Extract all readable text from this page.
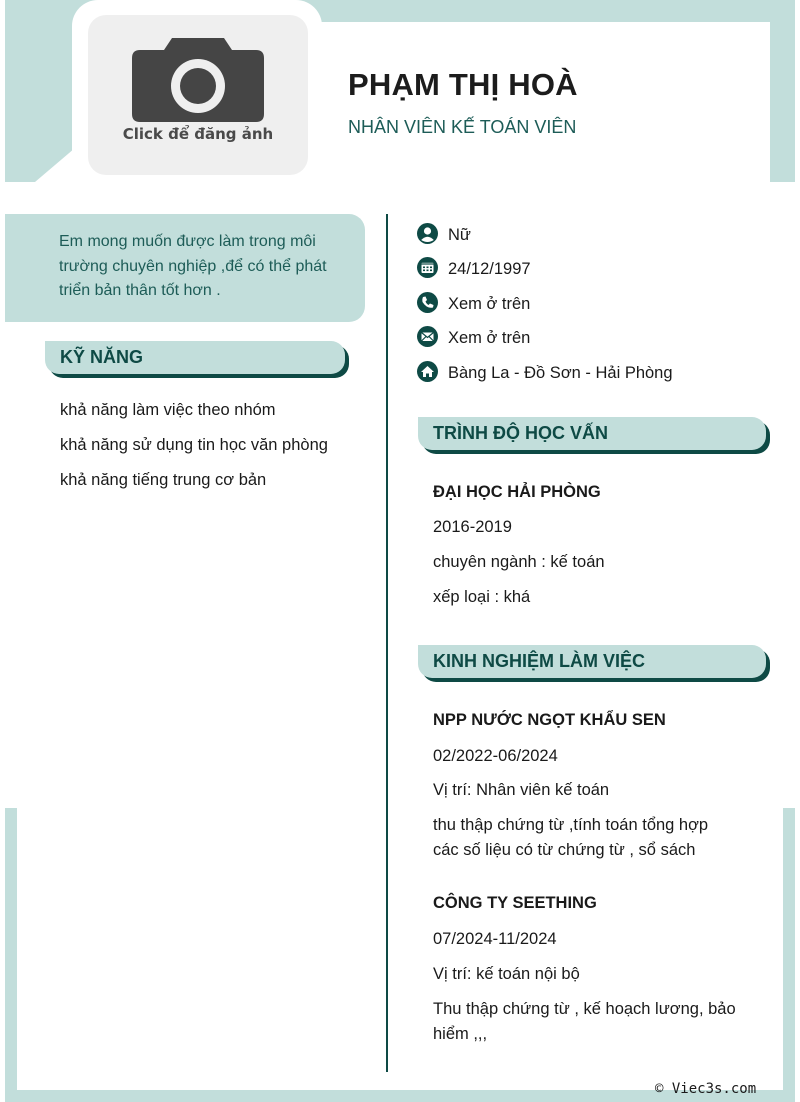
Click để đăng ảnh
PHẠM THỊ HOÀ
NHÂN VIÊN KẾ TOÁN VIÊN
Em mong muốn được làm trong môi trường chuyên nghiệp ,để có thể phát triển bản thân tốt hơn .
KỸ NĂNG
khả năng làm việc theo nhóm
khả năng sử dụng tin học văn phòng
khả năng tiếng trung cơ bản
Nữ
24/12/1997
Xem ở trên
Xem ở trên
Bàng La - Đồ Sơn - Hải Phòng
TRÌNH ĐỘ HỌC VẤN
ĐẠI HỌC HẢI PHÒNG
2016-2019
chuyên ngành : kế toán
xếp loại : khá
KINH NGHIỆM LÀM VIỆC
NPP NƯỚC NGỌT KHẨU SEN
02/2022-06/2024
Vị trí: Nhân viên kế toán
thu thập chứng từ ,tính toán tổng hợp các số liệu có từ chứng từ , sổ sách
CÔNG TY SEETHING
07/2024-11/2024
Vị trí: kế toán nội bộ
Thu thập chứng từ , kế hoạch lương, bảo hiểm ,,,
© Viec3s.com
